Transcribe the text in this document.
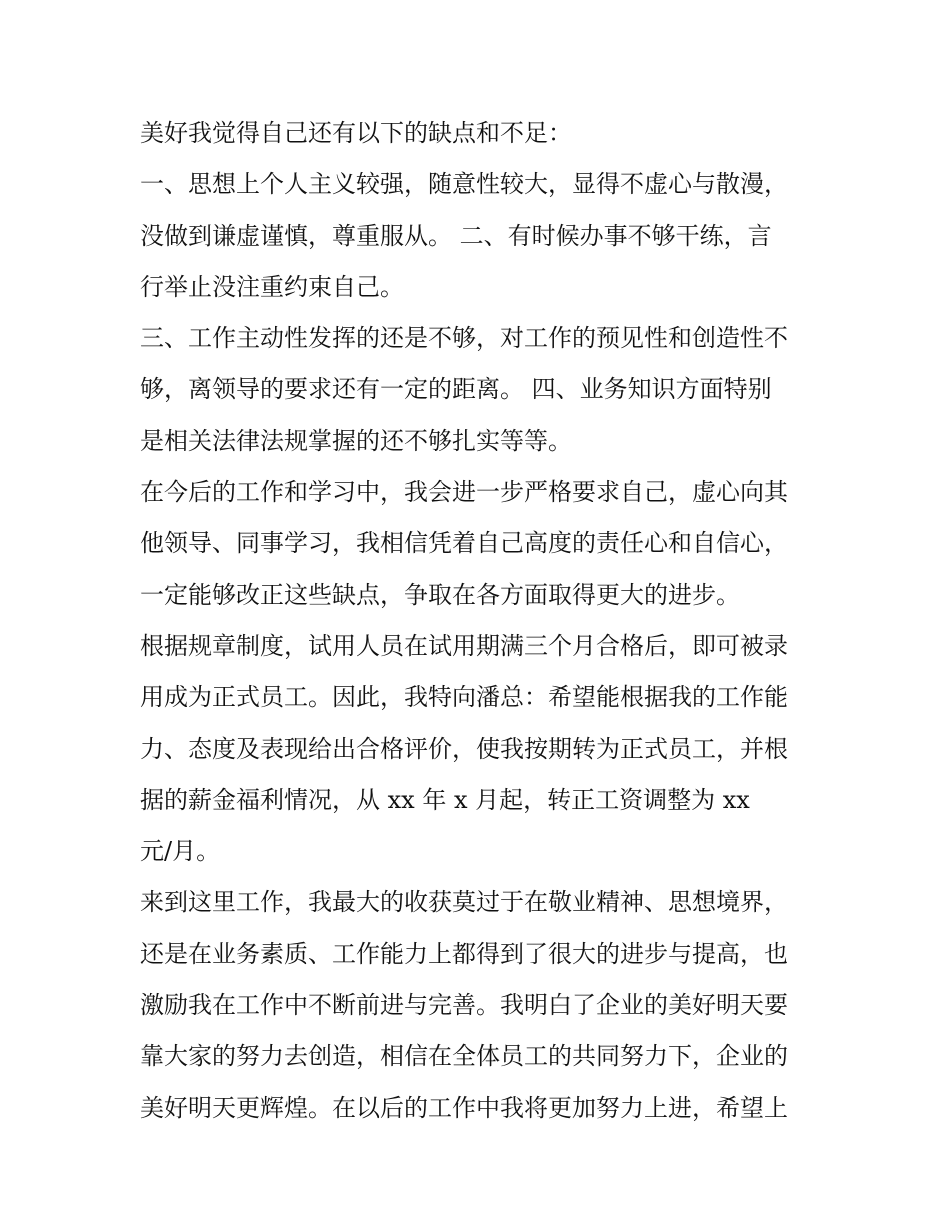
美好我觉得自己还有以下的缺点和不足：
一、思想上个人主义较强，随意性较大，显得不虚心与散漫，
没做到谦虚谨慎，尊重服从。 二、有时候办事不够干练，言
行举止没注重约束自己。
三、工作主动性发挥的还是不够，对工作的预见性和创造性不
够，离领导的要求还有一定的距离。 四、业务知识方面特别
是相关法律法规掌握的还不够扎实等等。
在今后的工作和学习中，我会进一步严格要求自己，虚心向其
他领导、同事学习，我相信凭着自己高度的责任心和自信心，
一定能够改正这些缺点，争取在各方面取得更大的进步。
根据规章制度，试用人员在试用期满三个月合格后，即可被录
用成为正式员工。因此，我特向潘总：希望能根据我的工作能
力、态度及表现给出合格评价，使我按期转为正式员工，并根
据的薪金福利情况，从 xx 年 x 月起，转正工资调整为 xx
元/月。
来到这里工作，我最大的收获莫过于在敬业精神、思想境界，
还是在业务素质、工作能力上都得到了很大的进步与提高，也
激励我在工作中不断前进与完善。我明白了企业的美好明天要
靠大家的努力去创造，相信在全体员工的共同努力下，企业的
美好明天更辉煌。在以后的工作中我将更加努力上进，希望上
